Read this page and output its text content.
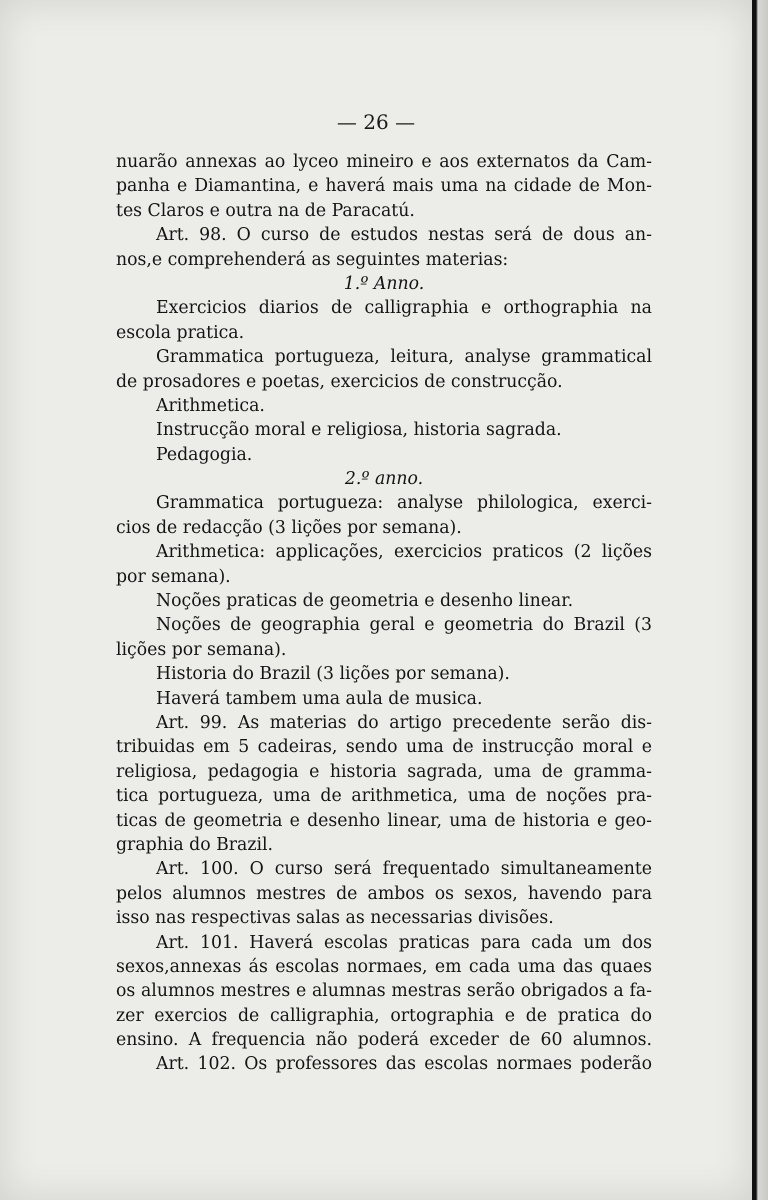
— 26 —
nuarão annexas ao lyceo mineiro e aos externatos da Cam-
panha e Diamantina, e haverá mais uma na cidade de Mon-
tes Claros e outra na de Paracatú.
Art. 98. O curso de estudos nestas será de dous an-
nos,e comprehenderá as seguintes materias:
1.º Anno.
Exercicios diarios de calligraphia e orthographia na
escola pratica.
Grammatica portugueza, leitura, analyse grammatical
de prosadores e poetas, exercicios de construcção.
Arithmetica.
Instrucção moral e religiosa, historia sagrada.
Pedagogia.
2.º anno.
Grammatica portugueza: analyse philologica, exerci-
cios de redacção (3 lições por semana).
Arithmetica: applicações, exercicios praticos (2 lições
por semana).
Noções praticas de geometria e desenho linear.
Noções de geographia geral e geometria do Brazil (3
lições por semana).
Historia do Brazil (3 lições por semana).
Haverá tambem uma aula de musica.
Art. 99. As materias do artigo precedente serão dis-
tribuidas em 5 cadeiras, sendo uma de instrucção moral e
religiosa, pedagogia e historia sagrada, uma de gramma-
tica portugueza, uma de arithmetica, uma de noções pra-
ticas de geometria e desenho linear, uma de historia e geo-
graphia do Brazil.
Art. 100. O curso será frequentado simultaneamente
pelos alumnos mestres de ambos os sexos, havendo para
isso nas respectivas salas as necessarias divisões.
Art. 101. Haverá escolas praticas para cada um dos
sexos,annexas ás escolas normaes, em cada uma das quaes
os alumnos mestres e alumnas mestras serão obrigados a fa-
zer exercios de calligraphia, ortographia e de pratica do
ensino. A frequencia não poderá exceder de 60 alumnos.
Art. 102. Os professores das escolas normaes poderão
